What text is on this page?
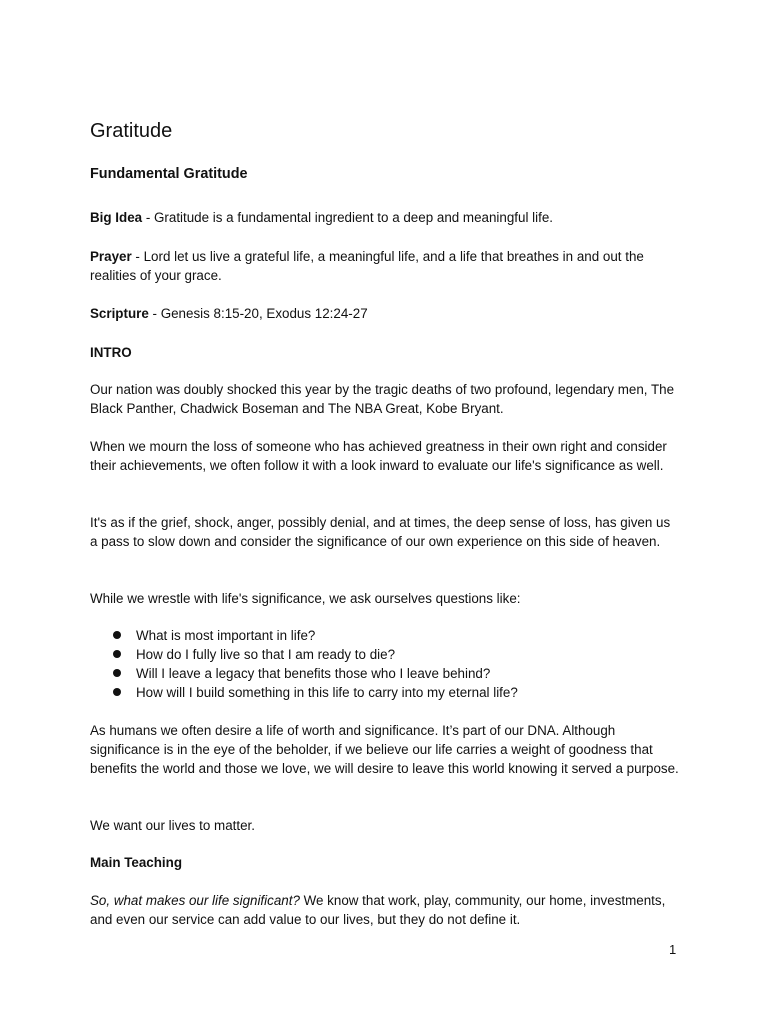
Gratitude
Fundamental Gratitude

Big Idea - Gratitude is a fundamental ingredient to a deep and meaningful life.

Prayer - Lord let us live a grateful life, a meaningful life, and a life that breathes in and out the realities of your grace.

Scripture - Genesis 8:15-20, Exodus 12:24-27

INTRO

Our nation was doubly shocked this year by the tragic deaths of two profound, legendary men, The Black Panther, Chadwick Boseman and The NBA Great, Kobe Bryant.

When we mourn the loss of someone who has achieved greatness in their own right and consider their achievements, we often follow it with a look inward to evaluate our life's significance as well.

It's as if the grief, shock, anger, possibly denial, and at times, the deep sense of loss, has given us a pass to slow down and consider the significance of our own experience on this side of heaven.

While we wrestle with life's significance, we ask ourselves questions like:

What is most important in life?
How do I fully live so that I am ready to die?
Will I leave a legacy that benefits those who I leave behind?
How will I build something in this life to carry into my eternal life?

As humans we often desire a life of worth and significance. It’s part of our DNA. Although significance is in the eye of the beholder, if we believe our life carries a weight of goodness that benefits the world and those we love, we will desire to leave this world knowing it served a purpose.

We want our lives to matter.

Main Teaching

So, what makes our life significant? We know that work, play, community, our home, investments, and even our service can add value to our lives, but they do not define it.

1
